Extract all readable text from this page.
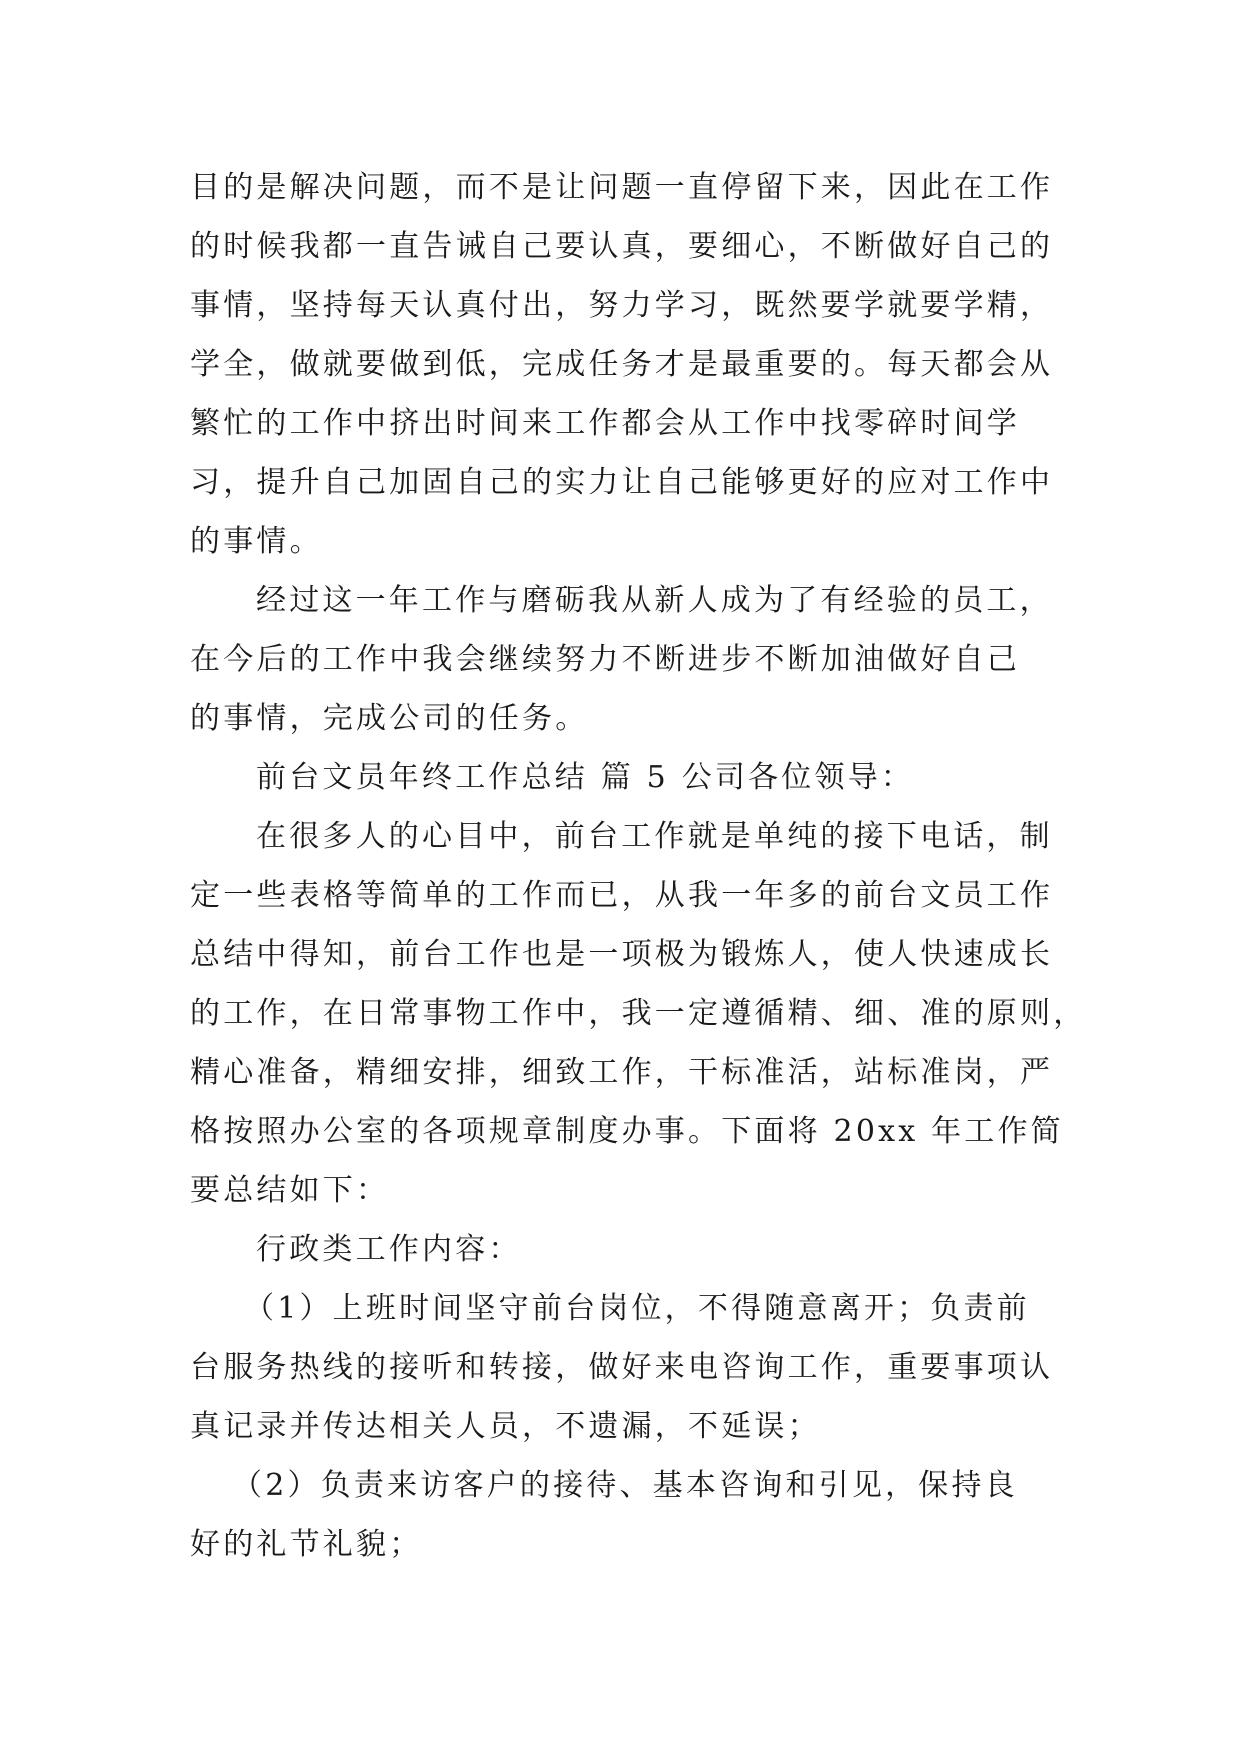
目的是解决问题，而不是让问题一直停留下来，因此在工作
的时候我都一直告诫自己要认真，要细心，不断做好自己的
事情，坚持每天认真付出，努力学习，既然要学就要学精，
学全，做就要做到低，完成任务才是最重要的。每天都会从
繁忙的工作中挤出时间来工作都会从工作中找零碎时间学
习，提升自己加固自己的实力让自己能够更好的应对工作中
的事情。
经过这一年工作与磨砺我从新人成为了有经验的员工，
在今后的工作中我会继续努力不断进步不断加油做好自己
的事情，完成公司的任务。
前台文员年终工作总结 篇 5 公司各位领导：
在很多人的心目中，前台工作就是单纯的接下电话，制
定一些表格等简单的工作而已，从我一年多的前台文员工作
总结中得知，前台工作也是一项极为锻炼人，使人快速成长
的工作，在日常事物工作中，我一定遵循精、细、准的原则，
精心准备，精细安排，细致工作，干标准活，站标准岗，严
格按照办公室的各项规章制度办事。下面将 20xx 年工作简
要总结如下：
行政类工作内容：
（1）上班时间坚守前台岗位，不得随意离开；负责前
台服务热线的接听和转接，做好来电咨询工作，重要事项认
真记录并传达相关人员，不遗漏，不延误；
（2）负责来访客户的接待、基本咨询和引见，保持良
好的礼节礼貌；
